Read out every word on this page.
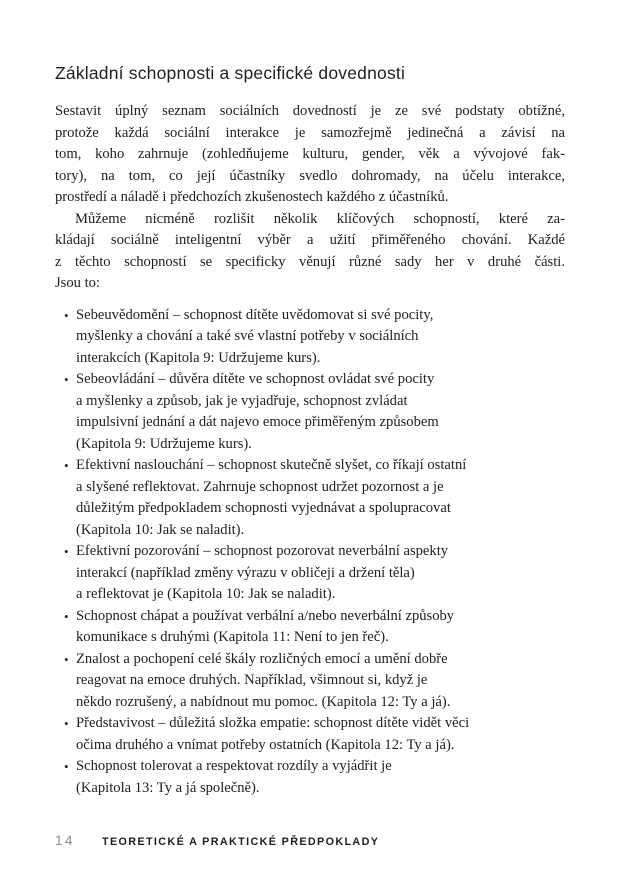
Základní schopnosti a specifické dovednosti
Sestavit úplný seznam sociálních dovedností je ze své podstaty obtížné,
protože každá sociální interakce je samozřejmě jedinečná a závisí na
tom, koho zahrnuje (zohledňujeme kulturu, gender, věk a vývojové fak-
tory), na tom, co její účastníky svedlo dohromady, na účelu interakce,
prostředí a náladě i předchozích zkušenostech každého z účastníků.
Můžeme nicméně rozlišit několik klíčových schopností, které za-
kládají sociálně inteligentní výběr a užití přiměřeného chování. Každé
z těchto schopností se specificky věnují různé sady her v druhé části.
Jsou to:
• Sebeuvědomění – schopnost dítěte uvědomovat si své pocity,
myšlenky a chování a také své vlastní potřeby v sociálních
interakcích (Kapitola 9: Udržujeme kurs).
• Sebeovládání – důvěra dítěte ve schopnost ovládat své pocity
a myšlenky a způsob, jak je vyjadřuje, schopnost zvládat
impulsivní jednání a dát najevo emoce přiměřeným způsobem
(Kapitola 9: Udržujeme kurs).
• Efektivní naslouchání – schopnost skutečně slyšet, co říkají ostatní
a slyšené reflektovat. Zahrnuje schopnost udržet pozornost a je
důležitým předpokladem schopnosti vyjednávat a spolupracovat
(Kapitola 10: Jak se naladit).
• Efektivní pozorování – schopnost pozorovat neverbální aspekty
interakcí (například změny výrazu v obličeji a držení těla)
a reflektovat je (Kapitola 10: Jak se naladit).
• Schopnost chápat a používat verbální a/nebo neverbální způsoby
komunikace s druhými (Kapitola 11: Není to jen řeč).
• Znalost a pochopení celé škály rozličných emocí a umění dobře
reagovat na emoce druhých. Například, všimnout si, když je
někdo rozrušený, a nabídnout mu pomoc. (Kapitola 12: Ty a já).
• Představivost – důležitá složka empatie: schopnost dítěte vidět věci
očima druhého a vnímat potřeby ostatních (Kapitola 12: Ty a já).
• Schopnost tolerovat a respektovat rozdíly a vyjádřit je
(Kapitola 13: Ty a já společně).
14	TEORETICKÉ A PRAKTICKÉ PŘEDPOKLADY
